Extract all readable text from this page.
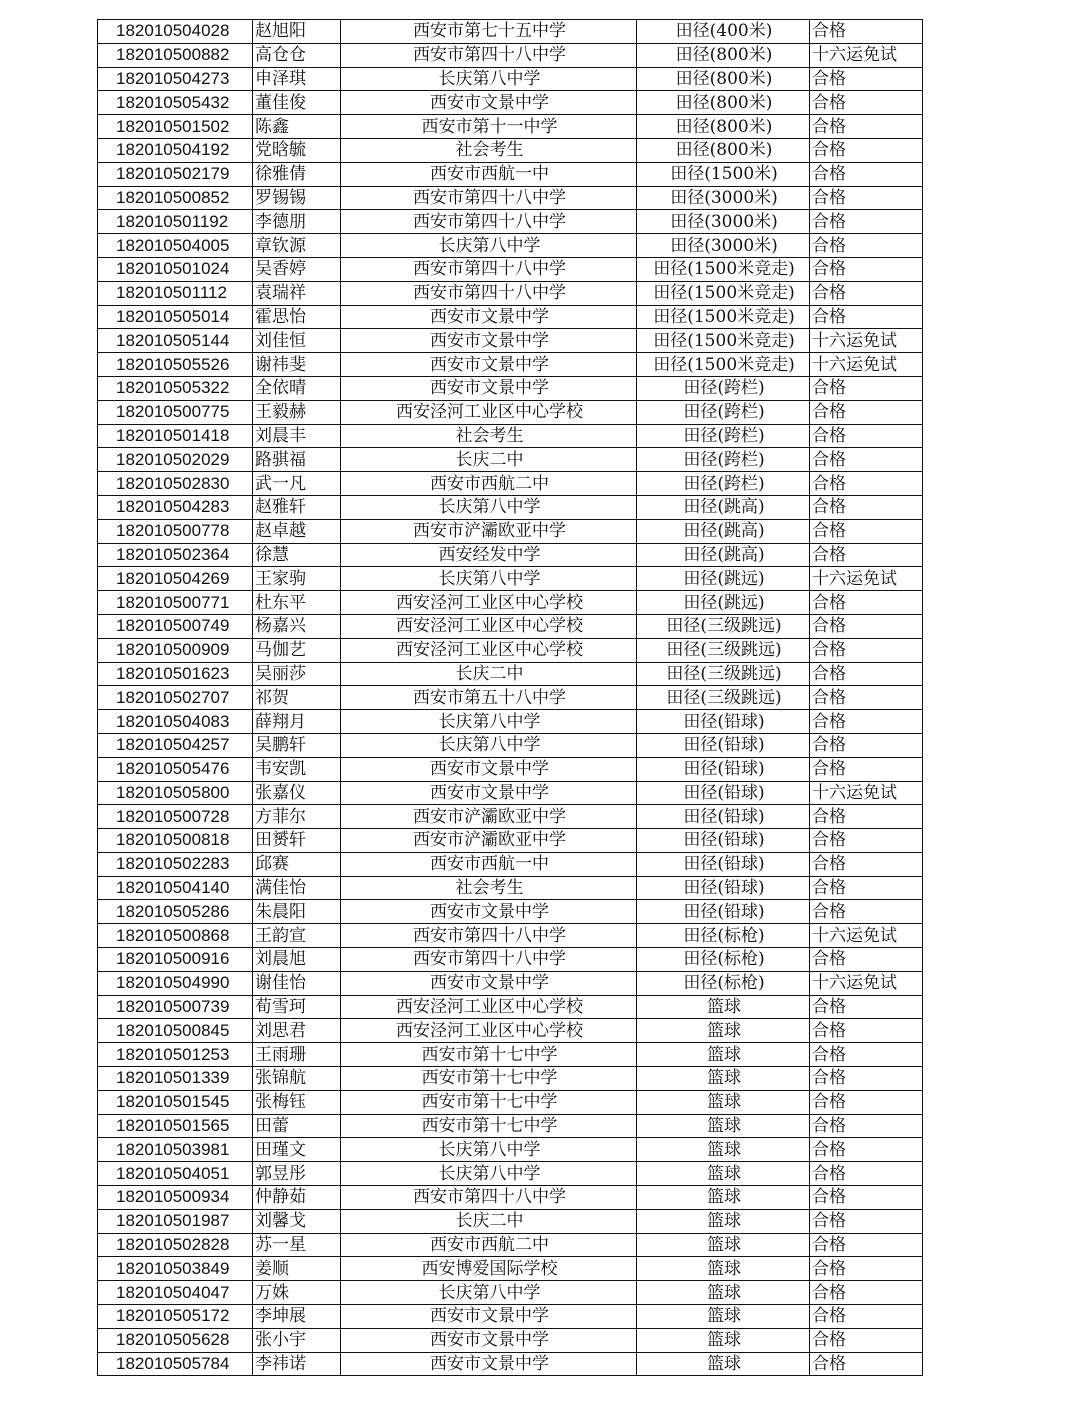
182010504028	赵旭阳	西安市第七十五中学	田径(400米)	合格
182010500882	高仓仓	西安市第四十八中学	田径(800米)	十六运免试
182010504273	申泽琪	长庆第八中学	田径(800米)	合格
182010505432	董佳俊	西安市文景中学	田径(800米)	合格
182010501502	陈鑫	西安市第十一中学	田径(800米)	合格
182010504192	党晗毓	社会考生	田径(800米)	合格
182010502179	徐雅倩	西安市西航一中	田径(1500米)	合格
182010500852	罗锡锡	西安市第四十八中学	田径(3000米)	合格
182010501192	李德朋	西安市第四十八中学	田径(3000米)	合格
182010504005	章钦源	长庆第八中学	田径(3000米)	合格
182010501024	吴香婷	西安市第四十八中学	田径(1500米竞走)	合格
182010501112	袁瑞祥	西安市第四十八中学	田径(1500米竞走)	合格
182010505014	霍思怡	西安市文景中学	田径(1500米竞走)	合格
182010505144	刘佳恒	西安市文景中学	田径(1500米竞走)	十六运免试
182010505526	谢祎斐	西安市文景中学	田径(1500米竞走)	十六运免试
182010505322	全依晴	西安市文景中学	田径(跨栏)	合格
182010500775	王毅赫	西安泾河工业区中心学校	田径(跨栏)	合格
182010501418	刘晨丰	社会考生	田径(跨栏)	合格
182010502029	路骐福	长庆二中	田径(跨栏)	合格
182010502830	武一凡	西安市西航二中	田径(跨栏)	合格
182010504283	赵雅轩	长庆第八中学	田径(跳高)	合格
182010500778	赵卓越	西安市浐灞欧亚中学	田径(跳高)	合格
182010502364	徐慧	西安经发中学	田径(跳高)	合格
182010504269	王家驹	长庆第八中学	田径(跳远)	十六运免试
182010500771	杜东平	西安泾河工业区中心学校	田径(跳远)	合格
182010500749	杨嘉兴	西安泾河工业区中心学校	田径(三级跳远)	合格
182010500909	马伽艺	西安泾河工业区中心学校	田径(三级跳远)	合格
182010501623	吴丽莎	长庆二中	田径(三级跳远)	合格
182010502707	祁贺	西安市第五十八中学	田径(三级跳远)	合格
182010504083	薛翔月	长庆第八中学	田径(铅球)	合格
182010504257	吴鹏轩	长庆第八中学	田径(铅球)	合格
182010505476	韦安凯	西安市文景中学	田径(铅球)	合格
182010505800	张嘉仪	西安市文景中学	田径(铅球)	十六运免试
182010500728	方菲尔	西安市浐灞欧亚中学	田径(铅球)	合格
182010500818	田赟轩	西安市浐灞欧亚中学	田径(铅球)	合格
182010502283	邱赛	西安市西航一中	田径(铅球)	合格
182010504140	满佳怡	社会考生	田径(铅球)	合格
182010505286	朱晨阳	西安市文景中学	田径(铅球)	合格
182010500868	王韵宣	西安市第四十八中学	田径(标枪)	十六运免试
182010500916	刘晨旭	西安市第四十八中学	田径(标枪)	合格
182010504990	谢佳怡	西安市文景中学	田径(标枪)	十六运免试
182010500739	荀雪珂	西安泾河工业区中心学校	篮球	合格
182010500845	刘思君	西安泾河工业区中心学校	篮球	合格
182010501253	王雨珊	西安市第十七中学	篮球	合格
182010501339	张锦航	西安市第十七中学	篮球	合格
182010501545	张梅钰	西安市第十七中学	篮球	合格
182010501565	田蕾	西安市第十七中学	篮球	合格
182010503981	田瑾文	长庆第八中学	篮球	合格
182010504051	郭昱彤	长庆第八中学	篮球	合格
182010500934	仲静茹	西安市第四十八中学	篮球	合格
182010501987	刘馨戈	长庆二中	篮球	合格
182010502828	苏一星	西安市西航二中	篮球	合格
182010503849	姜顺	西安博爱国际学校	篮球	合格
182010504047	万姝	长庆第八中学	篮球	合格
182010505172	李坤展	西安市文景中学	篮球	合格
182010505628	张小宇	西安市文景中学	篮球	合格
182010505784	李祎诺	西安市文景中学	篮球	合格
